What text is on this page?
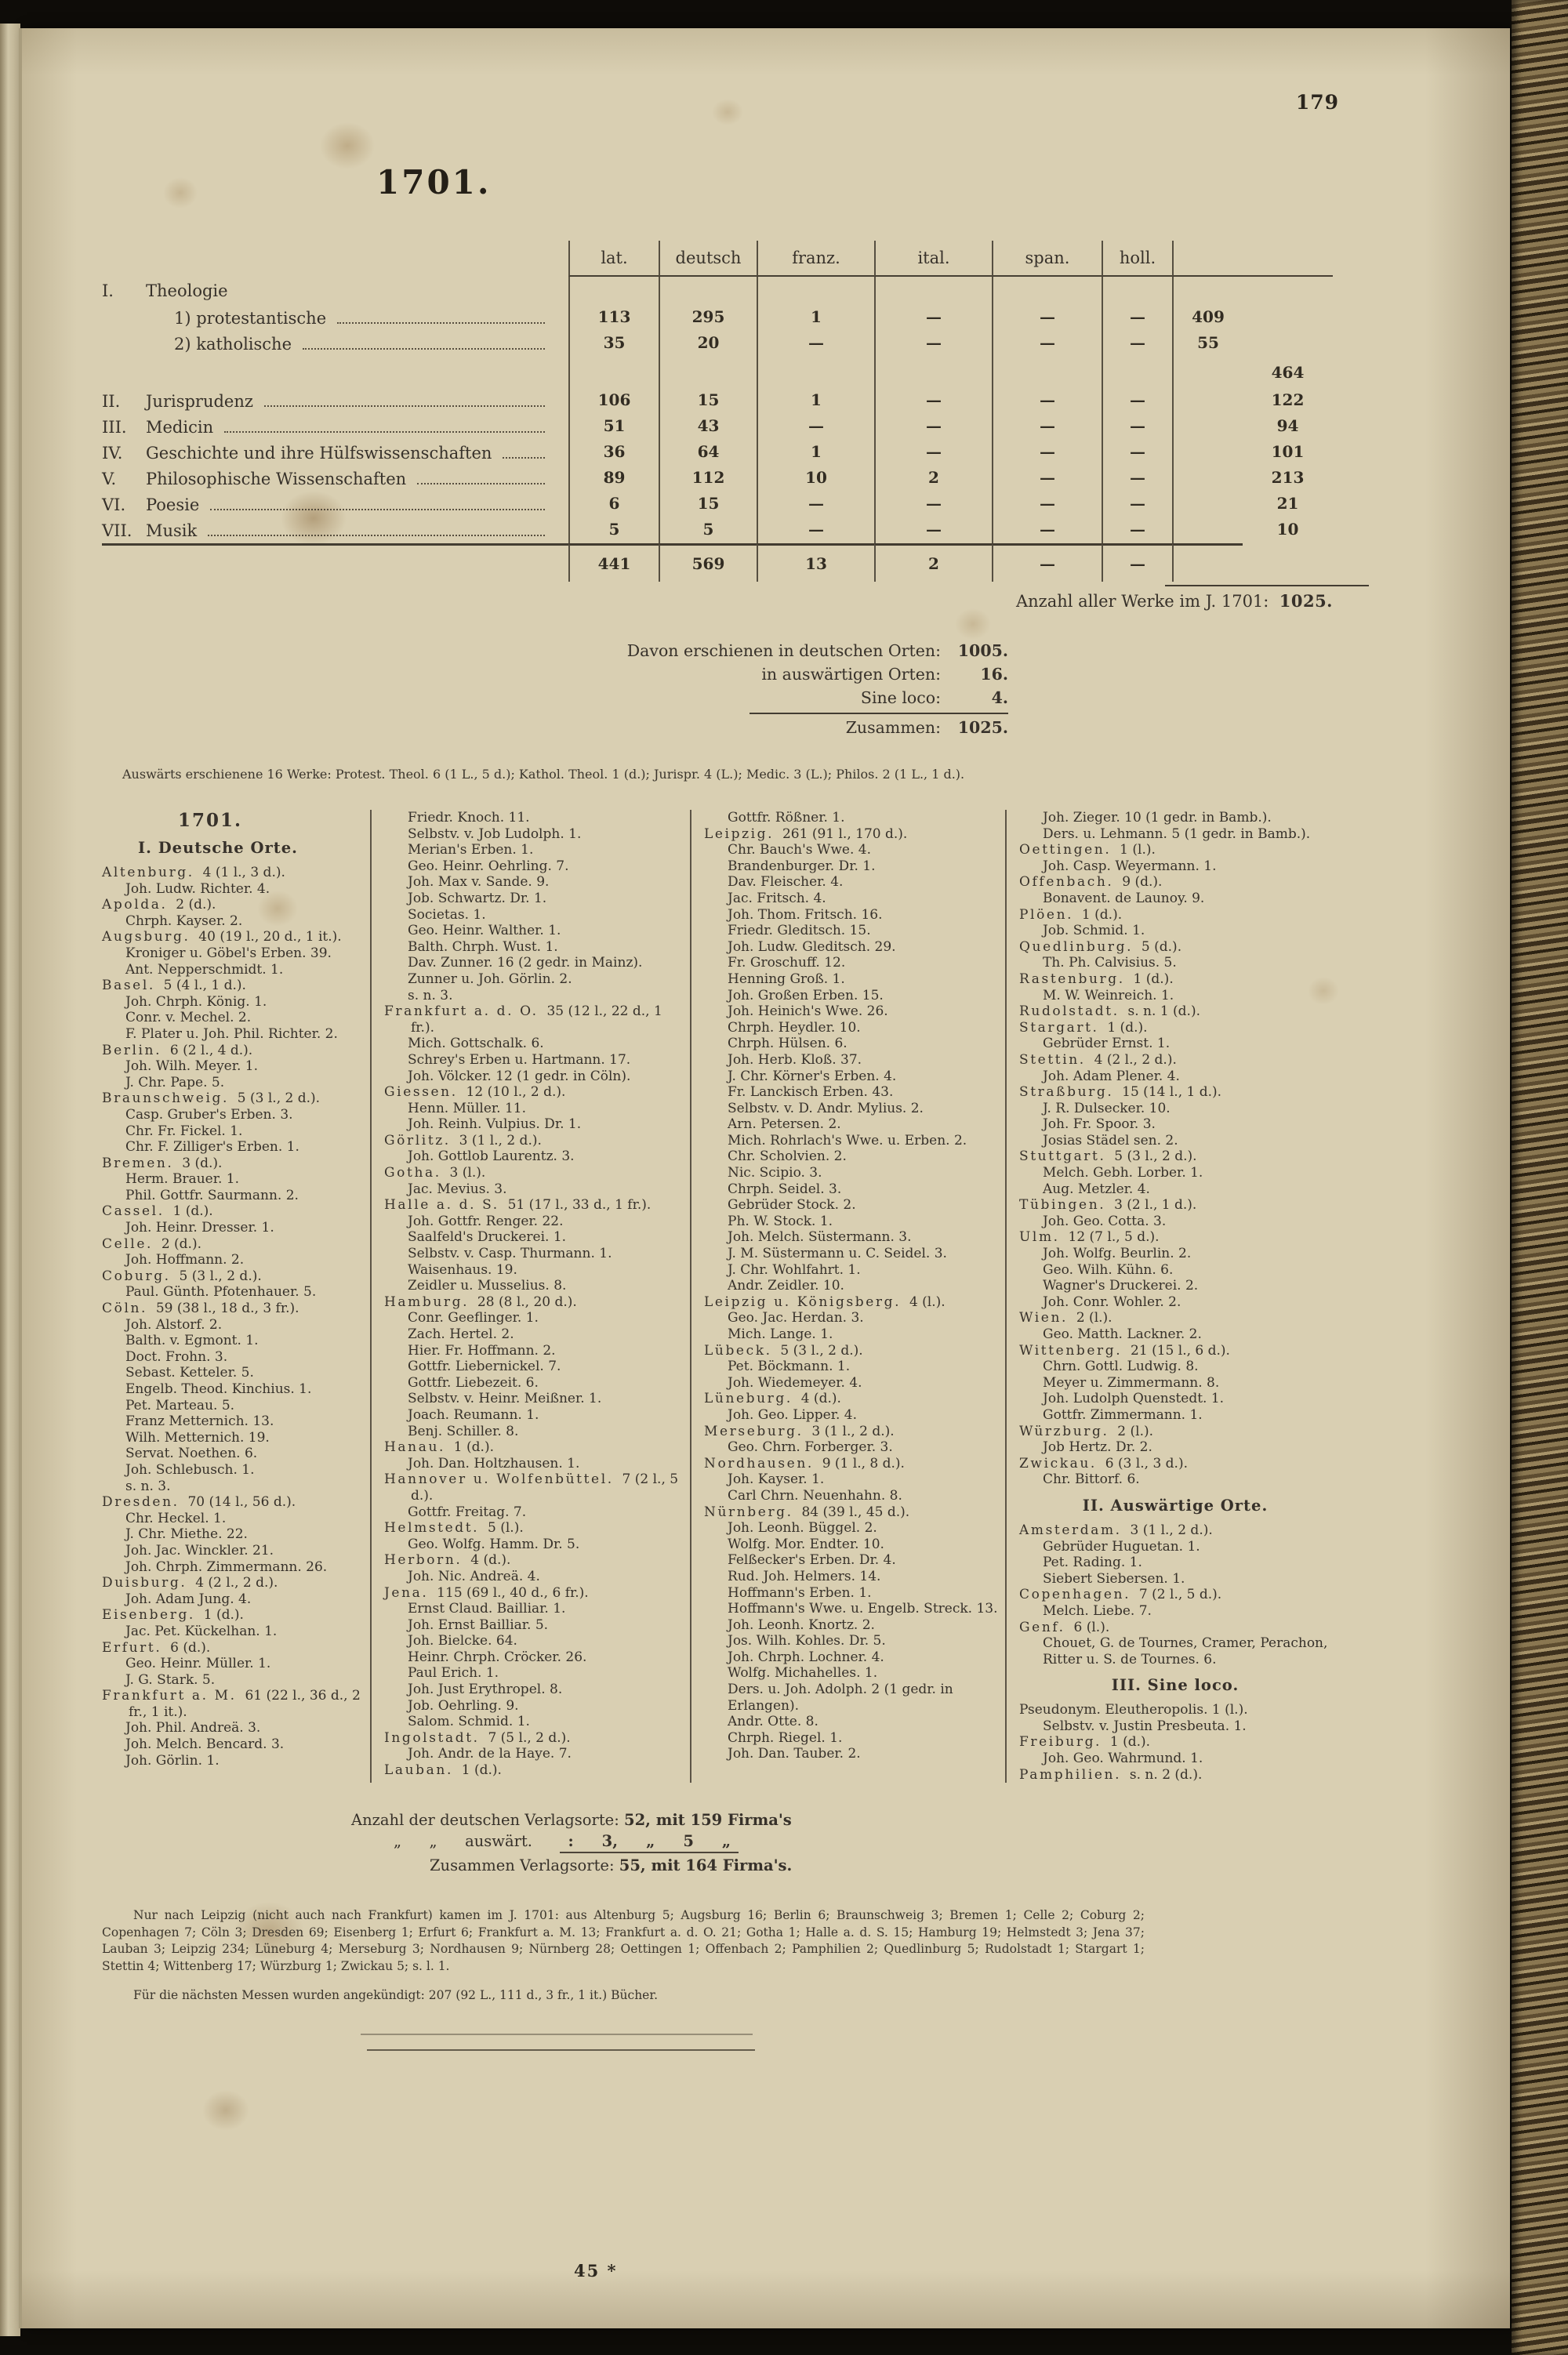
179
1701.
lat.	deutsch	franz.	ital.	span.	holl.
I.	Theologie
1) protestantische	113	295	1	—	—	—	409
2) katholische	35	20	—	—	—	—	55
464
II.	Jurisprudenz	106	15	1	—	—	—	122
III.	Medicin	51	43	—	—	—	—	94
IV.	Geschichte und ihre Hülfswissenschaften	36	64	1	—	—	—	101
V.	Philosophische Wissenschaften	89	112	10	2	—	—	213
VI.	Poesie	6	15	—	—	—	—	21
VII. Musik	5	5	—	—	—	—	10
441	569	13	2	—	—
Anzahl aller Werke im J. 1701: 1025.
Davon erschienen in deutschen Orten:	1005.
in auswärtigen Orten:	16.
Sine loco:	4.
Zusammen:	1025.

Auswärts erschienene 16 Werke: Protest. Theol. 6 (1 L., 5 d.); Kathol. Theol. 1 (d.); Jurispr. 4 (L.); Medic. 3 (L.); Philos. 2 (1 L., 1 d.).

1701.
I. Deutsche Orte.
Altenburg.  4 (1 l., 3 d.).
Joh. Ludw. Richter. 4.
Apolda.  2 (d.).
Chrph. Kayser. 2.
Augsburg.  40 (19 l., 20 d., 1 it.).
Kroniger u. Göbel's Erben. 39.
Ant. Nepperschmidt. 1.
Basel.  5 (4 l., 1 d.).
Joh. Chrph. König. 1.
Conr. v. Mechel. 2.
F. Plater u. Joh. Phil. Richter. 2.
Berlin.  6 (2 l., 4 d.).
Joh. Wilh. Meyer. 1.
J. Chr. Pape. 5.
Braunschweig.  5 (3 l., 2 d.).
Casp. Gruber's Erben. 3.
Chr. Fr. Fickel. 1.
Chr. F. Zilliger's Erben. 1.
Bremen.  3 (d.).
Herm. Brauer. 1.
Phil. Gottfr. Saurmann. 2.
Cassel.  1 (d.).
Joh. Heinr. Dresser. 1.
Celle.  2 (d.).
Joh. Hoffmann. 2.
Coburg.  5 (3 l., 2 d.).
Paul. Günth. Pfotenhauer. 5.
Cöln.  59 (38 l., 18 d., 3 fr.).
Joh. Alstorf. 2.
Balth. v. Egmont. 1.
Doct. Frohn. 3.
Sebast. Ketteler. 5.
Engelb. Theod. Kinchius. 1.
Pet. Marteau. 5.
Franz Metternich. 13.
Wilh. Metternich. 19.
Servat. Noethen. 6.
Joh. Schlebusch. 1.
s. n. 3.
Dresden.  70 (14 l., 56 d.).
Chr. Heckel. 1.
J. Chr. Miethe. 22.
Joh. Jac. Winckler. 21.
Joh. Chrph. Zimmermann. 26.
Duisburg.  4 (2 l., 2 d.).
Joh. Adam Jung. 4.
Eisenberg.  1 (d.).
Jac. Pet. Kückelhan. 1.
Erfurt.  6 (d.).
Geo. Heinr. Müller. 1.
J. G. Stark. 5.
Frankfurt a. M.  61 (22 l., 36 d., 2 fr., 1 it.).
Joh. Phil. Andreä. 3.
Joh. Melch. Bencard. 3.
Joh. Görlin. 1.
Friedr. Knoch. 11.
Selbstv. v. Job Ludolph. 1.
Merian's Erben. 1.
Geo. Heinr. Oehrling. 7.
Joh. Max v. Sande. 9.
Job. Schwartz. Dr. 1.
Societas. 1.
Geo. Heinr. Walther. 1.
Balth. Chrph. Wust. 1.
Dav. Zunner. 16 (2 gedr. in Mainz).
Zunner u. Joh. Görlin. 2.
s. n. 3.
Frankfurt a. d. O.  35 (12 l., 22 d., 1 fr.).
Mich. Gottschalk. 6.
Schrey's Erben u. Hartmann. 17.
Joh. Völcker. 12 (1 gedr. in Cöln).
Giessen.  12 (10 l., 2 d.).
Henn. Müller. 11.
Joh. Reinh. Vulpius. Dr. 1.
Görlitz.  3 (1 l., 2 d.).
Joh. Gottlob Laurentz. 3.
Gotha.  3 (l.).
Jac. Mevius. 3.
Halle a. d. S.  51 (17 l., 33 d., 1 fr.).
Joh. Gottfr. Renger. 22.
Saalfeld's Druckerei. 1.
Selbstv. v. Casp. Thurmann. 1.
Waisenhaus. 19.
Zeidler u. Musselius. 8.
Hamburg.  28 (8 l., 20 d.).
Conr. Geeflinger. 1.
Zach. Hertel. 2.
Hier. Fr. Hoffmann. 2.
Gottfr. Liebernickel. 7.
Gottfr. Liebezeit. 6.
Selbstv. v. Heinr. Meißner. 1.
Joach. Reumann. 1.
Benj. Schiller. 8.
Hanau.  1 (d.).
Joh. Dan. Holtzhausen. 1.
Hannover u. Wolfenbüttel.  7 (2 l., 5 d.).
Gottfr. Freitag. 7.
Helmstedt.  5 (l.).
Geo. Wolfg. Hamm. Dr. 5.
Herborn.  4 (d.).
Joh. Nic. Andreä. 4.
Jena.  115 (69 l., 40 d., 6 fr.).
Ernst Claud. Bailliar. 1.
Joh. Ernst Bailliar. 5.
Joh. Bielcke. 64.
Heinr. Chrph. Cröcker. 26.
Paul Erich. 1.
Joh. Just Erythropel. 8.
Job. Oehrling. 9.
Salom. Schmid. 1.
Ingolstadt.  7 (5 l., 2 d.).
Joh. Andr. de la Haye. 7.
Lauban.  1 (d.).
Gottfr. Rößner. 1.
Leipzig.  261 (91 l., 170 d.).
Chr. Bauch's Wwe. 4.
Brandenburger. Dr. 1.
Dav. Fleischer. 4.
Jac. Fritsch. 4.
Joh. Thom. Fritsch. 16.
Friedr. Gleditsch. 15.
Joh. Ludw. Gleditsch. 29.
Fr. Groschuff. 12.
Henning Groß. 1.
Joh. Großen Erben. 15.
Joh. Heinich's Wwe. 26.
Chrph. Heydler. 10.
Chrph. Hülsen. 6.
Joh. Herb. Kloß. 37.
J. Chr. Körner's Erben. 4.
Fr. Lanckisch Erben. 43.
Selbstv. v. D. Andr. Mylius. 2.
Arn. Petersen. 2.
Mich. Rohrlach's Wwe. u. Erben. 2.
Chr. Scholvien. 2.
Nic. Scipio. 3.
Chrph. Seidel. 3.
Gebrüder Stock. 2.
Ph. W. Stock. 1.
Joh. Melch. Süstermann. 3.
J. M. Süstermann u. C. Seidel. 3.
J. Chr. Wohlfahrt. 1.
Andr. Zeidler. 10.
Leipzig u. Königsberg.  4 (l.).
Geo. Jac. Herdan. 3.
Mich. Lange. 1.
Lübeck.  5 (3 l., 2 d.).
Pet. Böckmann. 1.
Joh. Wiedemeyer. 4.
Lüneburg.  4 (d.).
Joh. Geo. Lipper. 4.
Merseburg.  3 (1 l., 2 d.).
Geo. Chrn. Forberger. 3.
Nordhausen.  9 (1 l., 8 d.).
Joh. Kayser. 1.
Carl Chrn. Neuenhahn. 8.
Nürnberg.  84 (39 l., 45 d.).
Joh. Leonh. Büggel. 2.
Wolfg. Mor. Endter. 10.
Felßecker's Erben. Dr. 4.
Rud. Joh. Helmers. 14.
Hoffmann's Erben. 1.
Hoffmann's Wwe. u. Engelb. Streck. 13.
Joh. Leonh. Knortz. 2.
Jos. Wilh. Kohles. Dr. 5.
Joh. Chrph. Lochner. 4.
Wolfg. Michahelles. 1.
Ders. u. Joh. Adolph. 2 (1 gedr. in Erlangen).
Andr. Otte. 8.
Chrph. Riegel. 1.
Joh. Dan. Tauber. 2.
Joh. Zieger. 10 (1 gedr. in Bamb.).
Ders. u. Lehmann. 5 (1 gedr. in Bamb.).
Oettingen.  1 (l.).
Joh. Casp. Weyermann. 1.
Offenbach.  9 (d.).
Bonavent. de Launoy. 9.
Plöen.  1 (d.).
Job. Schmid. 1.
Quedlinburg.  5 (d.).
Th. Ph. Calvisius. 5.
Rastenburg.  1 (d.).
M. W. Weinreich. 1.
Rudolstadt.  s. n. 1 (d.).
Stargart.  1 (d.).
Gebrüder Ernst. 1.
Stettin.  4 (2 l., 2 d.).
Joh. Adam Plener. 4.
Straßburg.  15 (14 l., 1 d.).
J. R. Dulsecker. 10.
Joh. Fr. Spoor. 3.
Josias Städel sen. 2.
Stuttgart.  5 (3 l., 2 d.).
Melch. Gebh. Lorber. 1.
Aug. Metzler. 4.
Tübingen.  3 (2 l., 1 d.).
Joh. Geo. Cotta. 3.
Ulm.  12 (7 l., 5 d.).
Joh. Wolfg. Beurlin. 2.
Geo. Wilh. Kühn. 6.
Wagner's Druckerei. 2.
Joh. Conr. Wohler. 2.
Wien.  2 (l.).
Geo. Matth. Lackner. 2.
Wittenberg.  21 (15 l., 6 d.).
Chrn. Gottl. Ludwig. 8.
Meyer u. Zimmermann. 8.
Joh. Ludolph Quenstedt. 1.
Gottfr. Zimmermann. 1.
Würzburg.  2 (l.).
Job Hertz. Dr. 2.
Zwickau.  6 (3 l., 3 d.).
Chr. Bittorf. 6.
II. Auswärtige Orte.
Amsterdam.  3 (1 l., 2 d.).
Gebrüder Huguetan. 1.
Pet. Rading. 1.
Siebert Siebersen. 1.
Copenhagen.  7 (2 l., 5 d.).
Melch. Liebe. 7.
Genf.  6 (l.).
Chouet, G. de Tournes, Cramer, Perachon, Ritter u. S. de Tournes. 6.
III. Sine loco.
Pseudonym. Eleutheropolis. 1 (l.).
Selbstv. v. Justin Presbeuta. 1.
Freiburg.  1 (d.).
Joh. Geo. Wahrmund. 1.
Pamphilien.  s. n. 2 (d.).
Anzahl der deutschen Verlagsorte: 52, mit 159 Firma's
„ „ auswärt. : 3, „ 5 „
Zusammen Verlagsorte: 55, mit 164 Firma's.

Nur nach Leipzig (nicht auch nach Frankfurt) kamen im J. 1701: aus Altenburg 5; Augsburg 16; Berlin 6; Braunschweig 3; Bremen 1; Celle 2; Coburg 2; Copenhagen 7; Cöln 3; Dresden 69; Eisenberg 1; Erfurt 6; Frankfurt a. M. 13; Frankfurt a. d. O. 21; Gotha 1; Halle a. d. S. 15; Hamburg 19; Helmstedt 3; Jena 37; Lauban 3; Leipzig 234; Lüneburg 4; Merseburg 3; Nordhausen 9; Nürnberg 28; Oettingen 1; Offenbach 2; Pamphilien 2; Quedlinburg 5; Rudolstadt 1; Stargart 1; Stettin 4; Wittenberg 17; Würzburg 1; Zwickau 5; s. l. 1.

Für die nächsten Messen wurden angekündigt: 207 (92 L., 111 d., 3 fr., 1 it.) Bücher.

45 *
